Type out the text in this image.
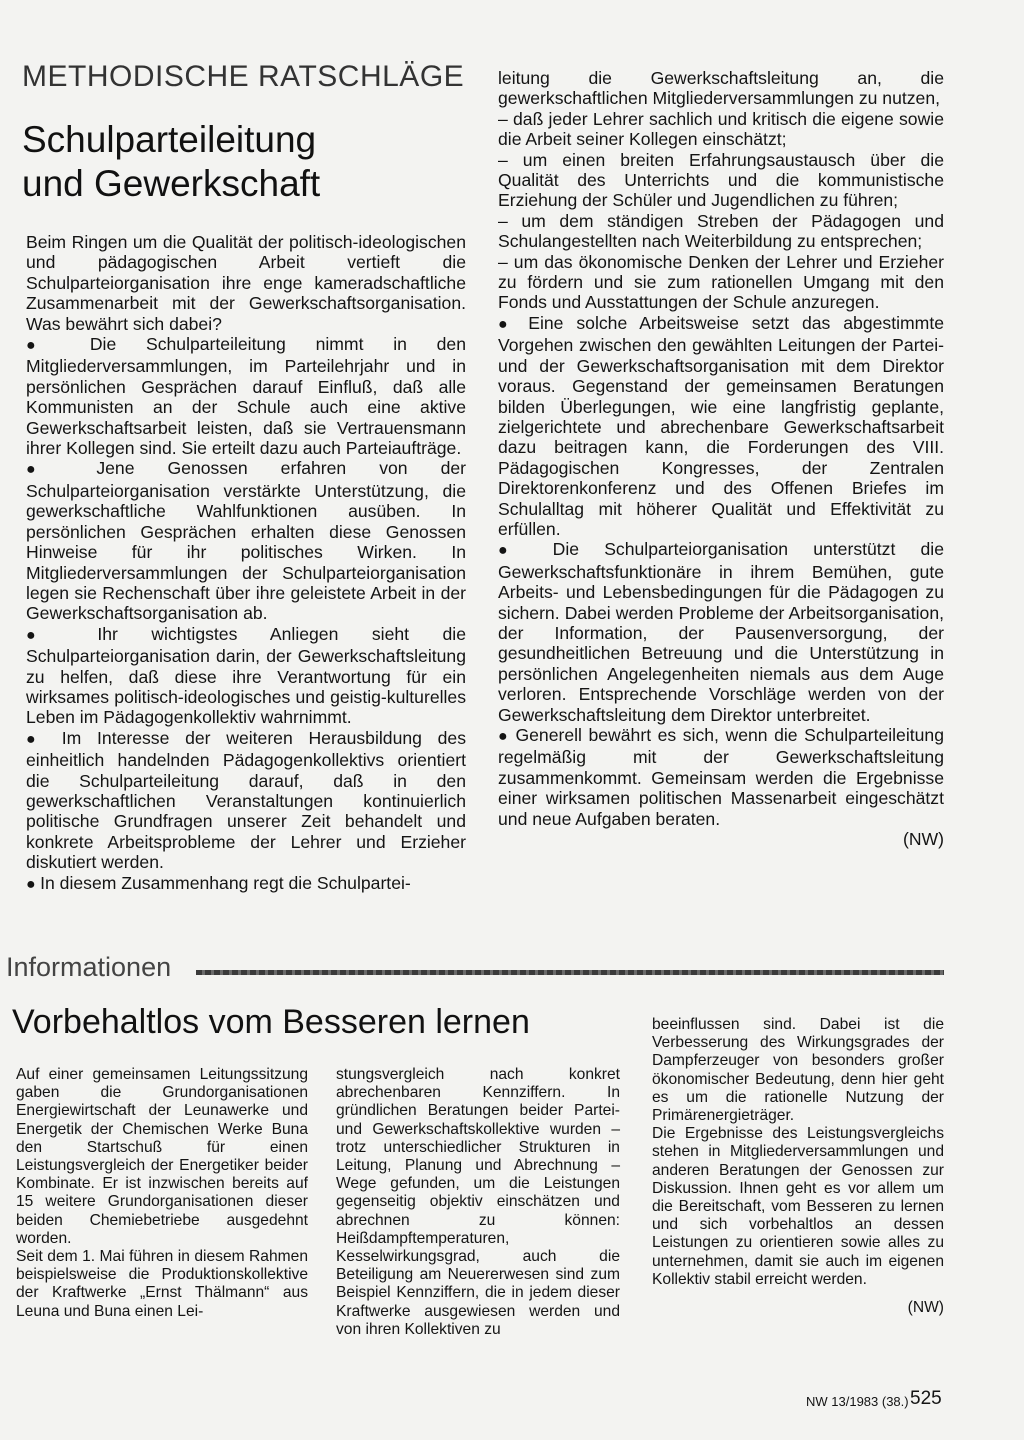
METHODISCHE RATSCHLÄGE
Schulparteileitung
und Gewerkschaft

Beim Ringen um die Qualität der politisch-ideologischen und pädagogischen Arbeit vertieft die Schulparteiorganisation ihre enge kameradschaftliche Zusammenarbeit mit der Gewerkschaftsorganisation. Was bewährt sich dabei?

● Die Schulparteileitung nimmt in den Mitgliederversammlungen, im Parteilehrjahr und in persönlichen Gesprächen darauf Einfluß, daß alle Kommunisten an der Schule auch eine aktive Gewerkschaftsarbeit leisten, daß sie Vertrauensmann ihrer Kollegen sind. Sie erteilt dazu auch Parteiaufträge.

● Jene Genossen erfahren von der Schulparteiorganisation verstärkte Unterstützung, die gewerkschaftliche Wahlfunktionen ausüben. In persönlichen Gesprächen erhalten diese Genossen Hinweise für ihr politisches Wirken. In Mitgliederversammlungen der Schulparteiorganisation legen sie Rechenschaft über ihre geleistete Arbeit in der Gewerkschaftsorganisation ab.

● Ihr wichtigstes Anliegen sieht die Schulparteiorganisation darin, der Gewerkschaftsleitung zu helfen, daß diese ihre Verantwortung für ein wirksames politisch-ideologisches und geistig-kulturelles Leben im Pädagogenkollektiv wahrnimmt.

● Im Interesse der weiteren Herausbildung des einheitlich handelnden Pädagogenkollektivs orientiert die Schulparteileitung darauf, daß in den gewerkschaftlichen Veranstaltungen kontinuierlich politische Grundfragen unserer Zeit behandelt und konkrete Arbeitsprobleme der Lehrer und Erzieher diskutiert werden.

● In diesem Zusammenhang regt die Schulpartei-

leitung die Gewerkschaftsleitung an, die gewerkschaftlichen Mitgliederversammlungen zu nutzen,

– daß jeder Lehrer sachlich und kritisch die eigene sowie die Arbeit seiner Kollegen einschätzt;

– um einen breiten Erfahrungsaustausch über die Qualität des Unterrichts und die kommunistische Erziehung der Schüler und Jugendlichen zu führen;

– um dem ständigen Streben der Pädagogen und Schulangestellten nach Weiterbildung zu entsprechen;

– um das ökonomische Denken der Lehrer und Erzieher zu fördern und sie zum rationellen Umgang mit den Fonds und Ausstattungen der Schule anzuregen.

● Eine solche Arbeitsweise setzt das abgestimmte Vorgehen zwischen den gewählten Leitungen der Partei- und der Gewerkschaftsorganisation mit dem Direktor voraus. Gegenstand der gemeinsamen Beratungen bilden Überlegungen, wie eine langfristig geplante, zielgerichtete und abrechenbare Gewerkschaftsarbeit dazu beitragen kann, die Forderungen des VIII. Pädagogischen Kongresses, der Zentralen Direktorenkonferenz und des Offenen Briefes im Schulalltag mit höherer Qualität und Effektivität zu erfüllen.

● Die Schulparteiorganisation unterstützt die Gewerkschaftsfunktionäre in ihrem Bemühen, gute Arbeits- und Lebensbedingungen für die Pädagogen zu sichern. Dabei werden Probleme der Arbeitsorganisation, der Information, der Pausenversorgung, der gesundheitlichen Betreuung und die Unterstützung in persönlichen Angelegenheiten niemals aus dem Auge verloren. Entsprechende Vorschläge werden von der Gewerkschaftsleitung dem Direktor unterbreitet.

● Generell bewährt es sich, wenn die Schulparteileitung regelmäßig mit der Gewerkschaftsleitung zusammenkommt. Gemeinsam werden die Ergebnisse einer wirksamen politischen Massenarbeit eingeschätzt und neue Aufgaben beraten.

(NW)

Informationen
Vorbehaltlos vom Besseren lernen

Auf einer gemeinsamen Leitungssitzung gaben die Grundorganisationen Energiewirtschaft der Leunawerke und Energetik der Chemischen Werke Buna den Startschuß für einen Leistungsvergleich der Energetiker beider Kombinate. Er ist inzwischen bereits auf 15 weitere Grundorganisationen dieser beiden Chemiebetriebe ausgedehnt worden.

Seit dem 1. Mai führen in diesem Rahmen beispielsweise die Produktionskollektive der Kraftwerke „Ernst Thälmann“ aus Leuna und Buna einen Lei-

stungsvergleich nach konkret abrechenbaren Kennziffern. In gründlichen Beratungen beider Partei- und Gewerkschaftskollektive wurden – trotz unterschiedlicher Strukturen in Leitung, Planung und Abrechnung – Wege gefunden, um die Leistungen gegenseitig objektiv einschätzen und abrechnen zu können: Heißdampftemperaturen, Kesselwirkungsgrad, auch die Beteiligung am Neuererwesen sind zum Beispiel Kennziffern, die in jedem dieser Kraftwerke ausgewiesen werden und von ihren Kollektiven zu

beeinflussen sind. Dabei ist die Verbesserung des Wirkungsgrades der Dampferzeuger von besonders großer ökonomischer Bedeutung, denn hier geht es um die rationelle Nutzung der Primärenergieträger.

Die Ergebnisse des Leistungsvergleichs stehen in Mitgliederversammlungen und anderen Beratungen der Genossen zur Diskussion. Ihnen geht es vor allem um die Bereitschaft, vom Besseren zu lernen und sich vorbehaltlos an dessen Leistungen zu orientieren sowie alles zu unternehmen, damit sie auch im eigenen Kollektiv stabil erreicht werden.

(NW)

NW 13/1983 (38.) 525
